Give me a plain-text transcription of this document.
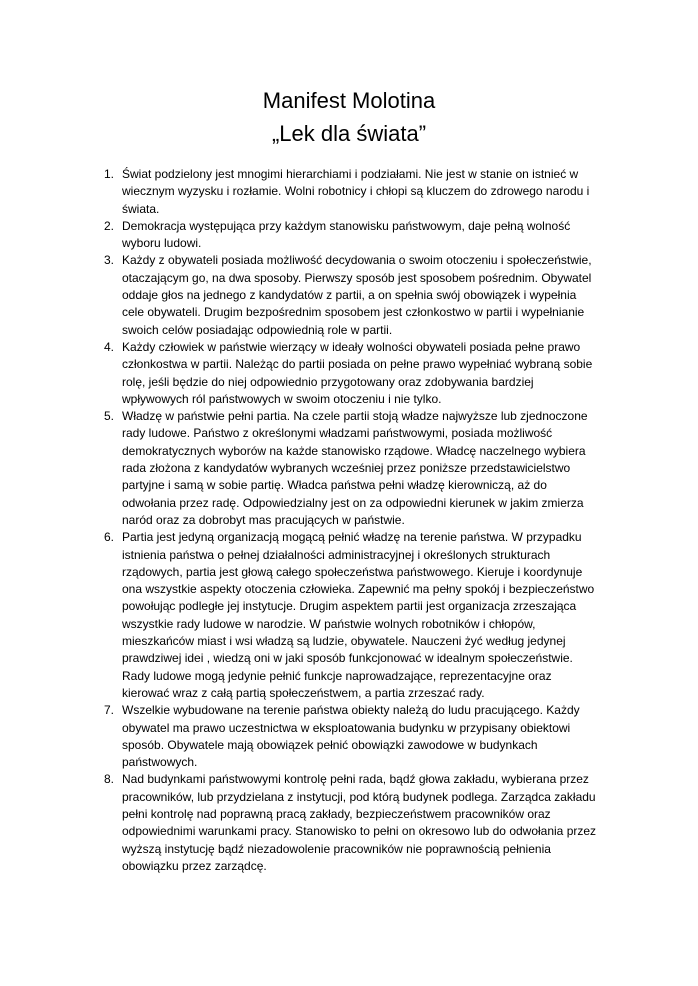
Manifest Molotina
„Lek dla świata”
1. Świat podzielony jest mnogimi hierarchiami i podziałami. Nie jest w stanie on istnieć w wiecznym wyzysku i rozłamie. Wolni robotnicy i chłopi są kluczem do zdrowego narodu i świata.
2. Demokracja występująca przy każdym stanowisku państwowym, daje pełną wolność wyboru ludowi.
3. Każdy z obywateli posiada możliwość decydowania o swoim otoczeniu i społeczeństwie, otaczającym go, na dwa sposoby. Pierwszy sposób jest sposobem pośrednim. Obywatel oddaje głos na jednego z kandydatów z partii, a on spełnia swój obowiązek i wypełnia cele obywateli. Drugim bezpośrednim sposobem jest członkostwo w partii i wypełnianie swoich celów posiadając odpowiednią role w partii.
4. Każdy człowiek w państwie wierzący w ideały wolności obywateli posiada pełne prawo członkostwa w partii. Należąc do partii posiada on pełne prawo wypełniać wybraną sobie rolę, jeśli będzie do niej odpowiednio przygotowany oraz zdobywania bardziej wpływowych ról państwowych w swoim otoczeniu i nie tylko.
5. Władzę w państwie pełni partia. Na czele partii stoją władze najwyższe lub zjednoczone rady ludowe. Państwo z określonymi władzami państwowymi, posiada możliwość demokratycznych wyborów na każde stanowisko rządowe. Władcę naczelnego wybiera rada złożona z kandydatów wybranych wcześniej przez poniższe przedstawicielstwo partyjne i samą w sobie partię. Władca państwa pełni władzę kierowniczą, aż do odwołania przez radę. Odpowiedzialny jest on za odpowiedni kierunek w jakim zmierza naród oraz za dobrobyt mas pracujących w państwie.
6. Partia jest jedyną organizacją mogącą pełnić władzę na terenie państwa. W przypadku istnienia państwa o pełnej działalności administracyjnej i określonych strukturach rządowych, partia jest głową całego społeczeństwa państwowego. Kieruje i koordynuje ona wszystkie aspekty otoczenia człowieka. Zapewnić ma pełny spokój i bezpieczeństwo powołując podległe jej instytucje. Drugim aspektem partii jest organizacja zrzeszająca wszystkie rady ludowe w narodzie. W państwie wolnych robotników i chłopów, mieszkańców miast i wsi władzą są ludzie, obywatele. Nauczeni żyć według jedynej prawdziwej idei , wiedzą oni w jaki sposób funkcjonować w idealnym społeczeństwie. Rady ludowe mogą jedynie pełnić funkcje naprowadzające, reprezentacyjne oraz kierować wraz z całą partią społeczeństwem, a partia zrzeszać rady.
7. Wszelkie wybudowane na terenie państwa obiekty należą do ludu pracującego. Każdy obywatel ma prawo uczestnictwa w eksploatowania budynku w przypisany obiektowi sposób. Obywatele mają obowiązek pełnić obowiązki zawodowe w budynkach państwowych.
8. Nad budynkami państwowymi kontrolę pełni rada, bądź głowa zakładu, wybierana przez pracowników, lub przydzielana z instytucji, pod którą budynek podlega. Zarządca zakładu pełni kontrolę nad poprawną pracą zakłady, bezpieczeństwem pracowników oraz odpowiednimi warunkami pracy. Stanowisko to pełni on okresowo lub do odwołania przez wyższą instytucję bądź niezadowolenie pracowników nie poprawnością pełnienia obowiązku przez zarządcę.
